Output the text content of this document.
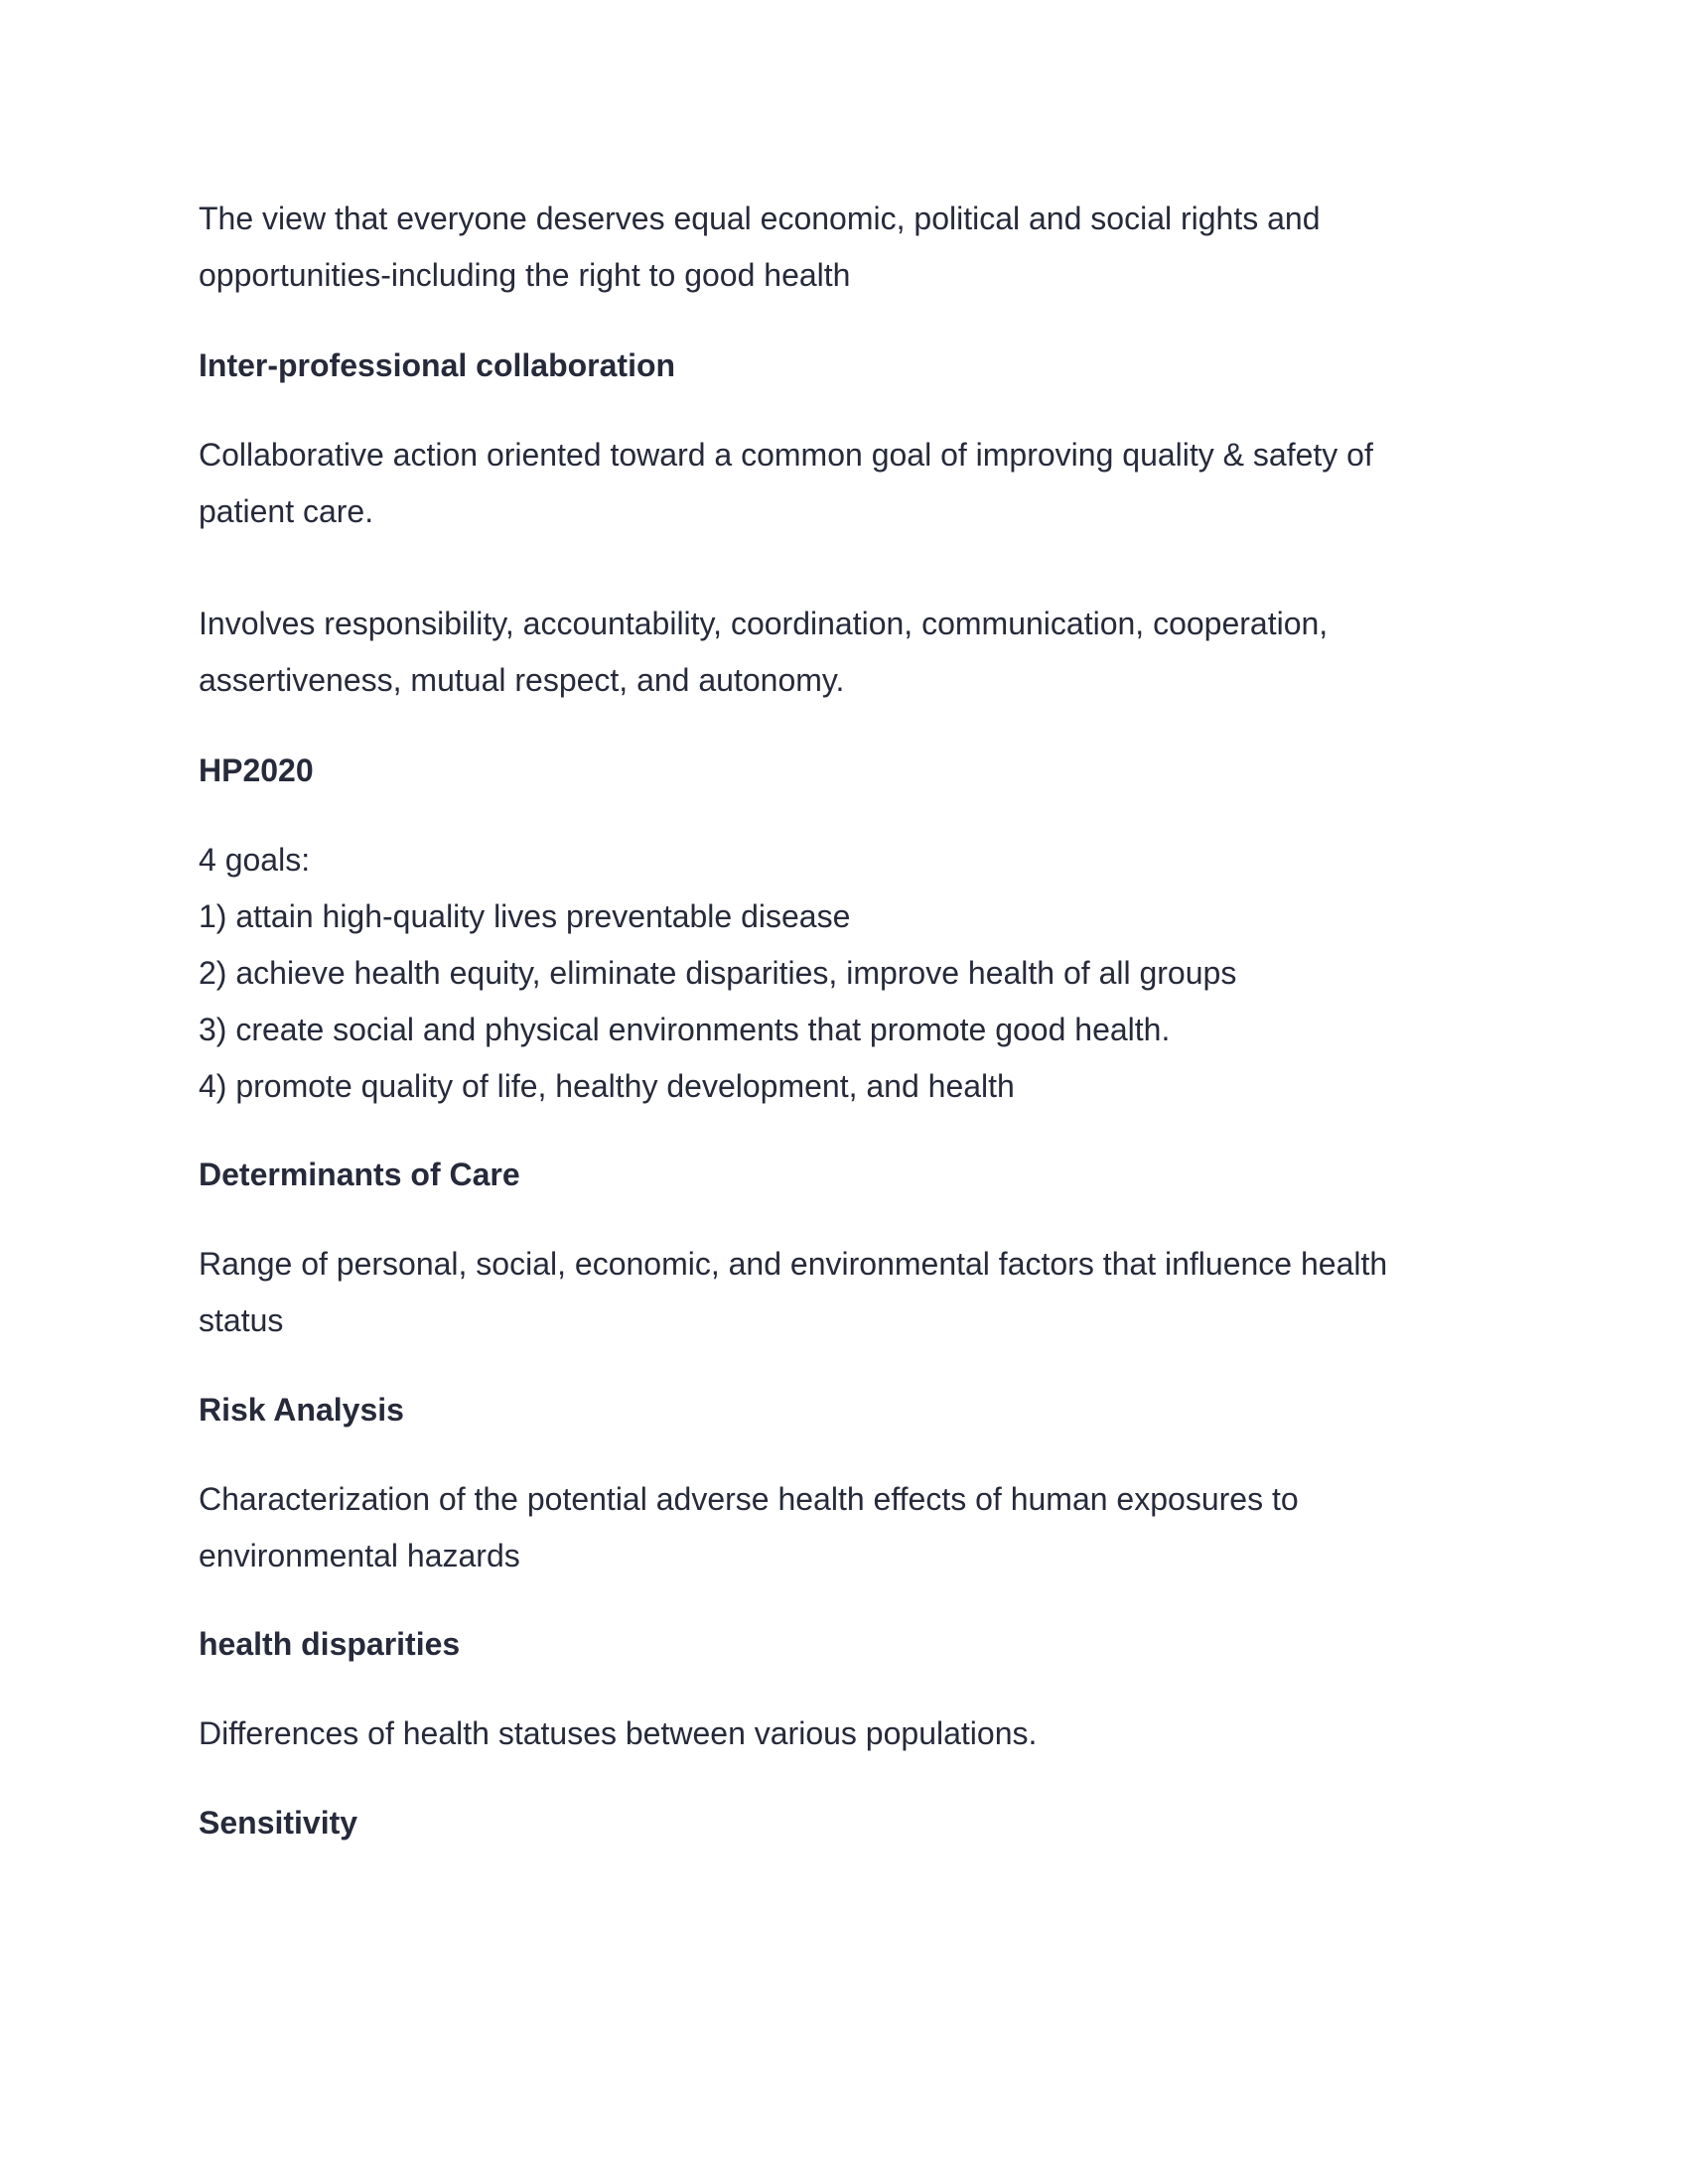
The view that everyone deserves equal economic, political and social rights and
opportunities-including the right to good health

Inter-professional collaboration

Collaborative action oriented toward a common goal of improving quality & safety of
patient care.

Involves responsibility, accountability, coordination, communication, cooperation,
assertiveness, mutual respect, and autonomy.

HP2020

4 goals:
1) attain high-quality lives preventable disease
2) achieve health equity, eliminate disparities, improve health of all groups
3) create social and physical environments that promote good health.
4) promote quality of life, healthy development, and health

Determinants of Care

Range of personal, social, economic, and environmental factors that influence health
status

Risk Analysis

Characterization of the potential adverse health effects of human exposures to
environmental hazards

health disparities

Differences of health statuses between various populations.

Sensitivity
